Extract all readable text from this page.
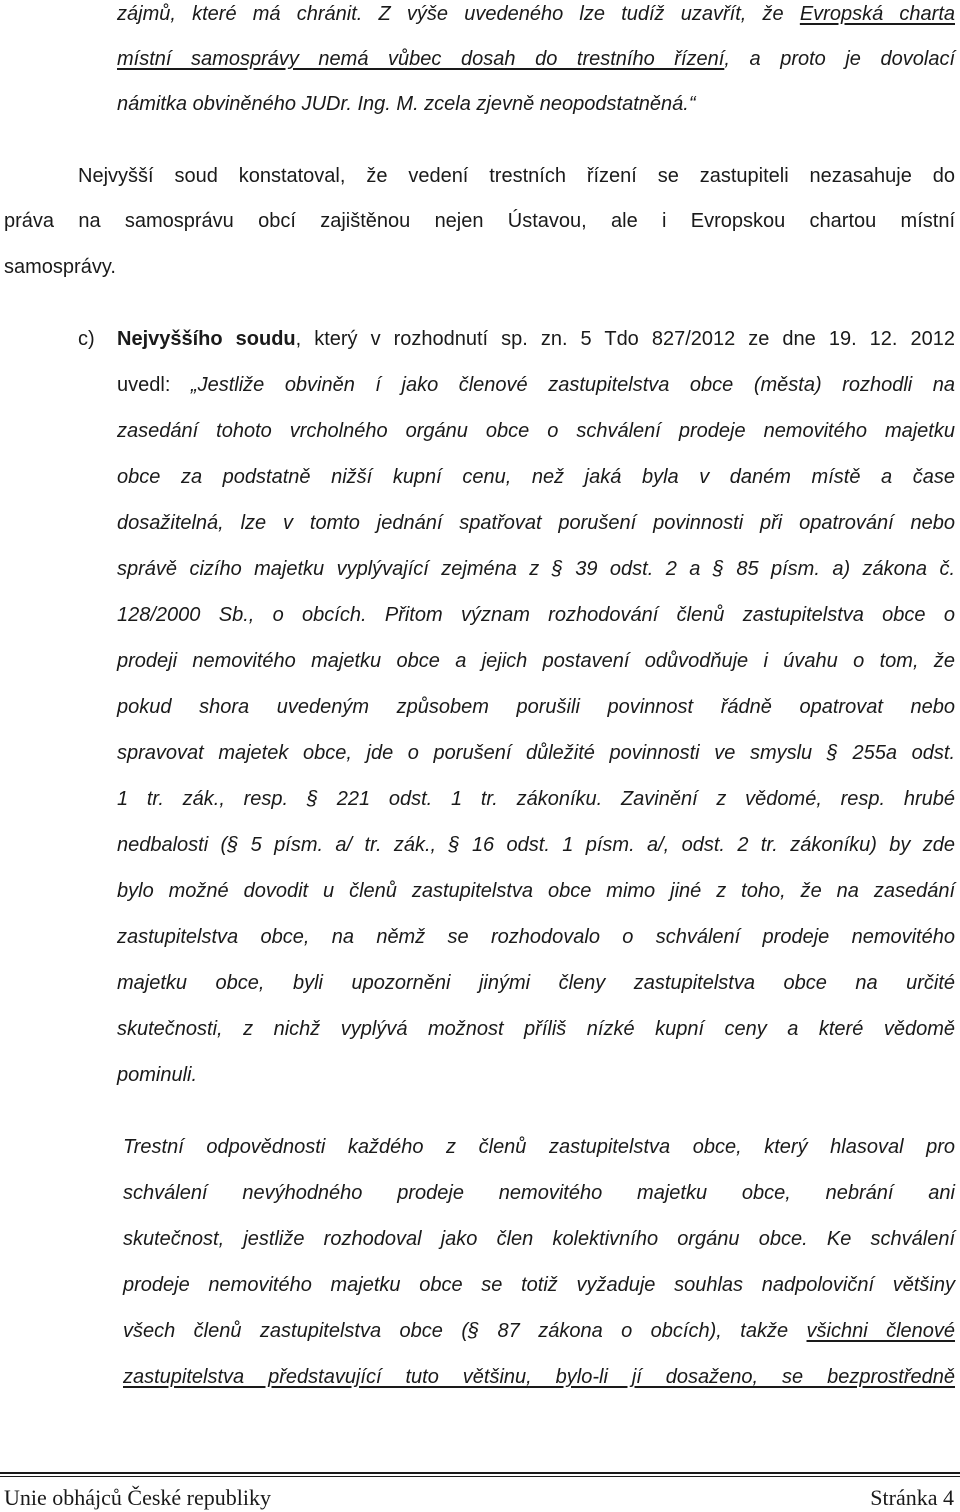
zájmů, které má chránit. Z výše uvedeného lze tudíž uzavřít, že Evropská charta
místní samosprávy nemá vůbec dosah do trestního řízení, a proto je dovolací
námitka obviněného JUDr. Ing. M. zcela zjevně neopodstatněná.“
Nejvyšší soud konstatoval, že vedení trestních řízení se zastupiteli nezasahuje do
práva na samosprávu obcí zajištěnou nejen Ústavou, ale i Evropskou chartou místní
samosprávy.
c) Nejvyššího soudu, který v rozhodnutí sp. zn. 5 Tdo 827/2012 ze dne 19. 12. 2012
uvedl: „Jestliže obviněn í jako členové zastupitelstva obce (města) rozhodli na
zasedání tohoto vrcholného orgánu obce o schválení prodeje nemovitého majetku
obce za podstatně nižší kupní cenu, než jaká byla v daném místě a čase
dosažitelná, lze v tomto jednání spatřovat porušení povinnosti při opatrování nebo
správě cizího majetku vyplývající zejména z § 39 odst. 2 a § 85 písm. a) zákona č.
128/2000 Sb., o obcích. Přitom význam rozhodování členů zastupitelstva obce o
prodeji nemovitého majetku obce a jejich postavení odůvodňuje i úvahu o tom, že
pokud shora uvedeným způsobem porušili povinnost řádně opatrovat nebo
spravovat majetek obce, jde o porušení důležité povinnosti ve smyslu § 255a odst.
1 tr. zák., resp. § 221 odst. 1 tr. zákoníku. Zavinění z vědomé, resp. hrubé
nedbalosti (§ 5 písm. a/ tr. zák., § 16 odst. 1 písm. a/, odst. 2 tr. zákoníku) by zde
bylo možné dovodit u členů zastupitelstva obce mimo jiné z toho, že na zasedání
zastupitelstva obce, na němž se rozhodovalo o schválení prodeje nemovitého
majetku obce, byli upozorněni jinými členy zastupitelstva obce na určité
skutečnosti, z nichž vyplývá možnost příliš nízké kupní ceny a které vědomě
pominuli.
Trestní odpovědnosti každého z členů zastupitelstva obce, který hlasoval pro
schválení nevýhodného prodeje nemovitého majetku obce, nebrání ani
skutečnost, jestliže rozhodoval jako člen kolektivního orgánu obce. Ke schválení
prodeje nemovitého majetku obce se totiž vyžaduje souhlas nadpoloviční většiny
všech členů zastupitelstva obce (§ 87 zákona o obcích), takže všichni členové
zastupitelstva představující tuto většinu, bylo-li jí dosaženo, se bezprostředně
Unie obhájců České republiky	Stránka 4
